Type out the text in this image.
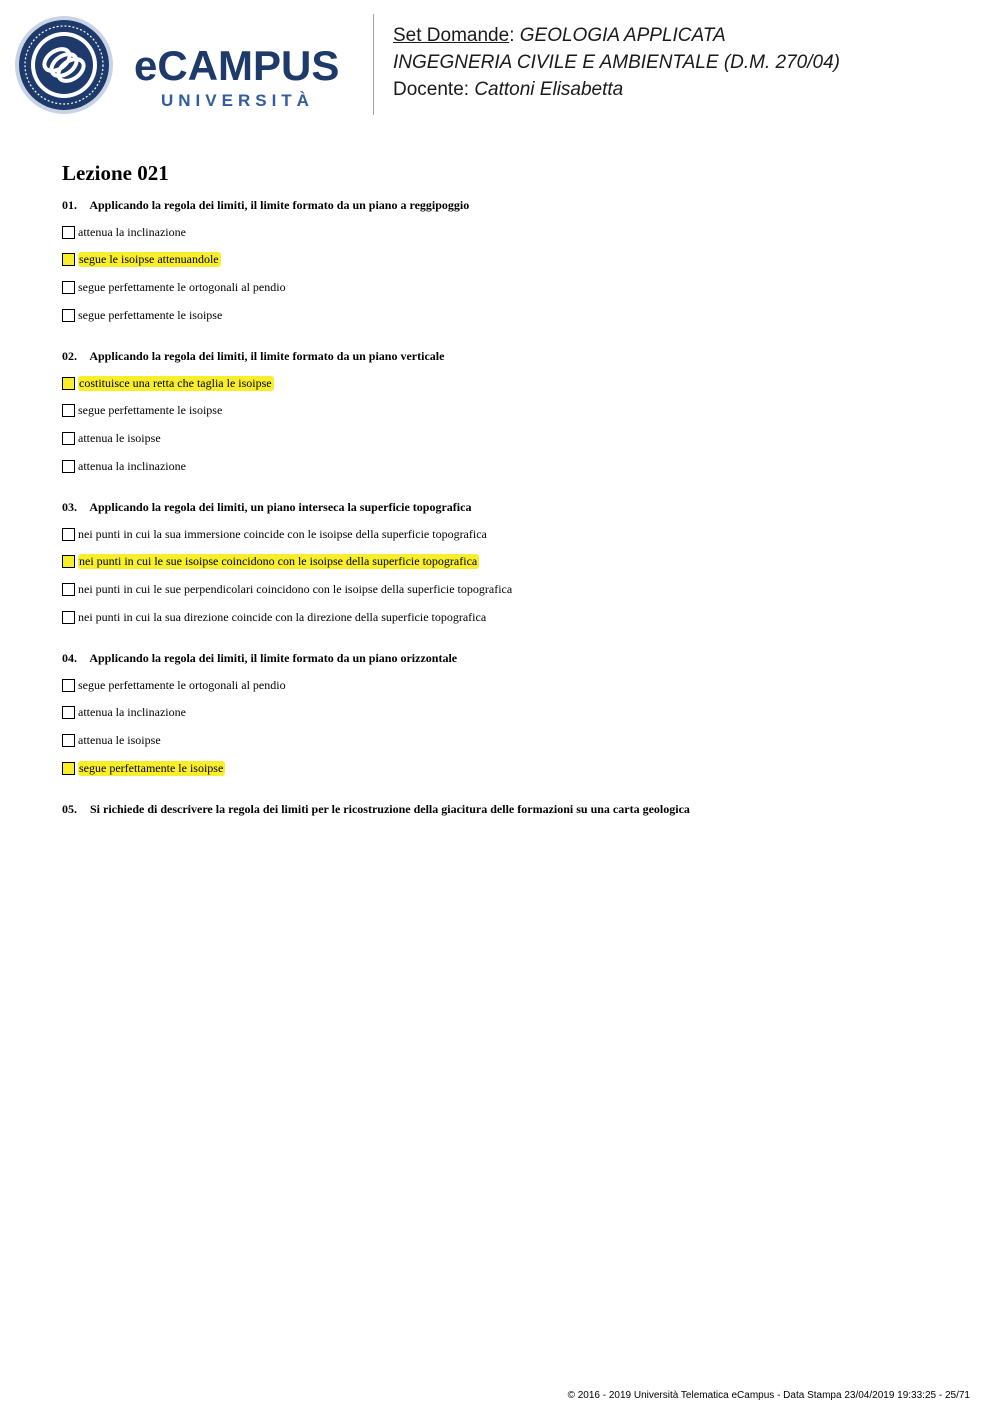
eCAMPUS
UNIVERSITÀ
Set Domande: GEOLOGIA APPLICATA
INGEGNERIA CIVILE E AMBIENTALE (D.M. 270/04)
Docente: Cattoni Elisabetta
Lezione 021
01. Applicando la regola dei limiti, il limite formato da un piano a reggipoggio
attenua la inclinazione
segue le isoipse attenuandole
segue perfettamente le ortogonali al pendio
segue perfettamente le isoipse
02. Applicando la regola dei limiti, il limite formato da un piano verticale
costituisce una retta che taglia le isoipse
segue perfettamente le isoipse
attenua le isoipse
attenua la inclinazione
03. Applicando la regola dei limiti, un piano interseca la superficie topografica
nei punti in cui la sua immersione coincide con le isoipse della superficie topografica
nei punti in cui le sue isoipse coincidono con le isoipse della superficie topografica
nei punti in cui le sue perpendicolari coincidono con le isoipse della superficie topografica
nei punti in cui la sua direzione coincide con la direzione della superficie topografica
04. Applicando la regola dei limiti, il limite formato da un piano orizzontale
segue perfettamente le ortogonali al pendio
attenua la inclinazione
attenua le isoipse
segue perfettamente le isoipse
05. Si richiede di descrivere la regola dei limiti per le ricostruzione della giacitura delle formazioni su una carta geologica
© 2016 - 2019 Università Telematica eCampus - Data Stampa 23/04/2019 19:33:25 - 25/71
